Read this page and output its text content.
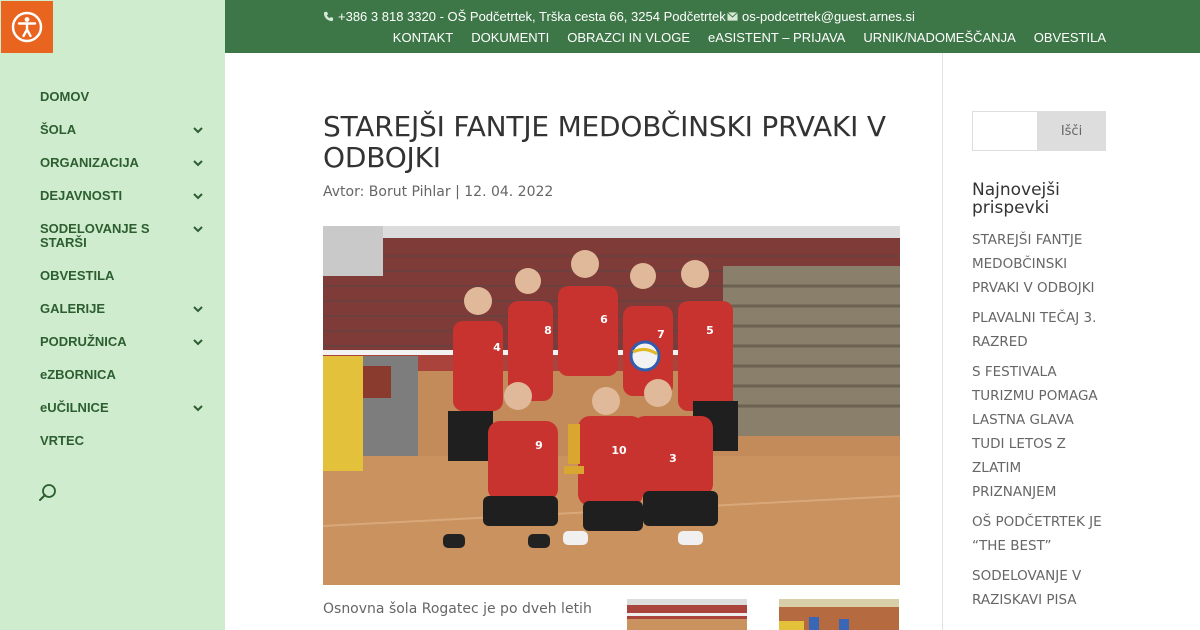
DOMOV
ŠOLA
ORGANIZACIJA
DEJAVNOSTI
SODELOVANJE S STARŠI
OBVESTILA
GALERIJE
PODRUŽNICA
eZBORNICA
eUČILNICE
VRTEC
+386 3 818 3320 - OŠ Podčetrtek, Trška cesta 66, 3254 Podčetrtek os-podcetrtek@guest.arnes.si
KONTAKT DOKUMENTI OBRAZCI IN VLOGE eASISTENT – PRIJAVA URNIK/NADOMEŠČANJA OBVESTILA
STAREJŠI FANTJE MEDOBČINSKI PRVAKI V ODBOJKI
Avtor: Borut Pihlar | 12. 04. 2022
4
8
6
7	5
9	10
3
Osnovna šola Rogatec je po dveh letih
Išči
Najnovejši prispevki
STAREJŠI FANTJE MEDOBČINSKI PRVAKI V ODBOJKI
PLAVALNI TEČAJ 3. RAZRED
S FESTIVALA TURIZMU POMAGA LASTNA GLAVA TUDI LETOS Z ZLATIM PRIZNANJEM
OŠ PODČETRTEK JE “THE BEST”
SODELOVANJE V RAZISKAVI PISA
